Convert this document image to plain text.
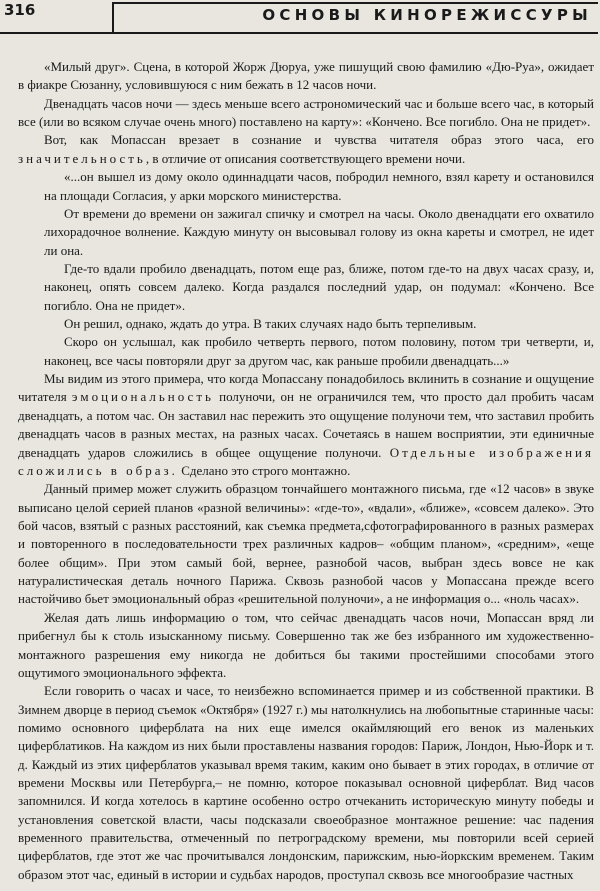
316	ОСНОВЫ КИНОРЕЖИССУРЫ

«Милый друг». Сцена, в которой Жорж Дюруа, уже пишущий свою фамилию «Дю-Руа», ожидает в фиакре Сюзанну, условившуюся с ним бежать в 12 часов ночи.

Двенадцать часов ночи — здесь меньше всего астрономический час и больше всего час, в который все (или во всяком случае очень много) поставлено на карту»: «Кончено. Все погибло. Она не придет».

Вот, как Мопассан врезает в сознание и чувства читателя образ этого часа, его значительность, в отличие от описания соответствующего времени ночи.

«...он вышел из дому около одиннадцати часов, побродил немного, взял карету и остановился на площади Согласия, у арки морского министерства.

От времени до времени он зажигал спичку и смотрел на часы. Около двенадцати его охватило лихорадочное волнение. Каждую минуту он высовывал голову из окна кареты и смотрел, не идет ли она.

Где-то вдали пробило двенадцать, потом еще раз, ближе, потом где-то на двух часах сразу, и, наконец, опять совсем далеко. Когда раздался последний удар, он подумал: «Кончено. Все погибло. Она не придет».

Он решил, однако, ждать до утра. В таких случаях надо быть терпеливым.

Скоро он услышал, как пробило четверть первого, потом половину, потом три четверти, и, наконец, все часы повторяли друг за другом час, как раньше пробили двенадцать...»

Мы видим из этого примера, что когда Мопассану понадобилось вклинить в сознание и ощущение читателя эмоциональность полуночи, он не ограничился тем, что просто дал пробить часам двенадцать, а потом час. Он заставил нас пережить это ощущение полуночи тем, что заставил пробить двенадцать часов в разных местах, на разных часах. Сочетаясь в нашем восприятии, эти единичные двенадцать ударов сложились в общее ощущение полуночи. Отдельные изображения сложились в образ. Сделано это строго монтажно.

Данный пример может служить образцом тончайшего монтажного письма, где «12 часов» в звуке выписано целой серией планов «разной величины»: «где-то», «вдали», «ближе», «совсем далеко». Это бой часов, взятый с разных расстояний, как съемка предмета,сфотографированного в разных размерах и повторенного в последовательности трех различных кадров– «общим планом», «средним», «еще более общим». При этом самый бой, вернее, разнобой часов, выбран здесь вовсе не как натуралистическая деталь ночного Парижа. Сквозь разнобой часов у Мопассана прежде всего настойчиво бьет эмоциональный образ «решительной полуночи», а не информация о... «ноль часах».

Желая дать лишь информацию о том, что сейчас двенадцать часов ночи, Мопассан вряд ли прибегнул бы к столь изысканному письму. Совершенно так же без избранного им художественно-монтажного разрешения ему никогда не добиться бы такими простейшими способами этого ощутимого эмоционального эффекта.

Если говорить о часах и часе, то неизбежно вспоминается пример и из собственной практики. В Зимнем дворце в период съемок «Октября» (1927 г.) мы натолкнулись на любопытные старинные часы: помимо основного циферблата на них еще имелся окаймляющий его венок из маленьких циферблатиков. На каждом из них были проставлены названия городов: Париж, Лондон, Нью-Йорк и т. д. Каждый из этих циферблатов указывал время таким, каким оно бывает в этих городах, в отличие от времени Москвы или Петербурга,– не помню, которое показывал основной циферблат. Вид часов запомнился. И когда хотелось в картине особенно остро отчеканить историческую минуту победы и установления советской власти, часы подсказали своеобразное монтажное решение: час падения временного правительства, отмеченный по петроградскому времени, мы повторили всей серией циферблатов, где этот же час прочитывался лондонским, парижским, нью-йоркским временем. Таким образом этот час, единый в истории и судьбах народов, проступал сквозь все многообразие частных
